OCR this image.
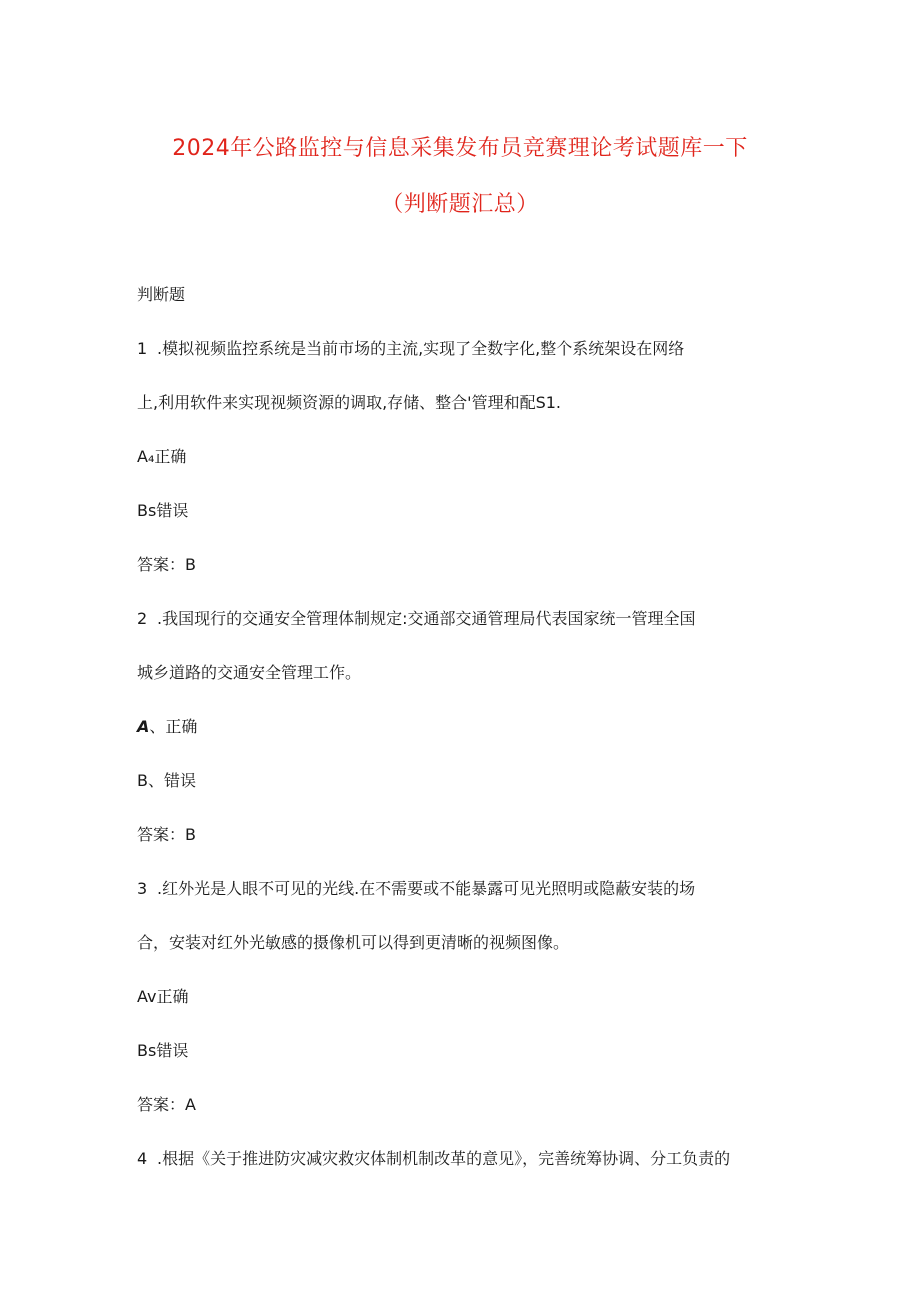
2024年公路监控与信息采集发布员竞赛理论考试题库一下
（判断题汇总）
判断题
1 .模拟视频监控系统是当前市场的主流,实现了全数字化,整个系统架设在网络
上,利用软件来实现视频资源的调取,存储、整合'管理和配S1.
A₄正确
Bs错误
答案：B
2 .我国现行的交通安全管理体制规定:交通部交通管理局代表国家统一管理全国
城乡道路的交通安全管理工作。
A、正确
B、错误
答案：B
3 .红外光是人眼不可见的光线.在不需要或不能暴露可见光照明或隐蔽安装的场
合，安装对红外光敏感的摄像机可以得到更清晰的视频图像。
Av正确
Bs错误
答案：A
4 .根据《关于推进防灾减灾救灾体制机制改革的意见》，完善统筹协调、分工负责的
